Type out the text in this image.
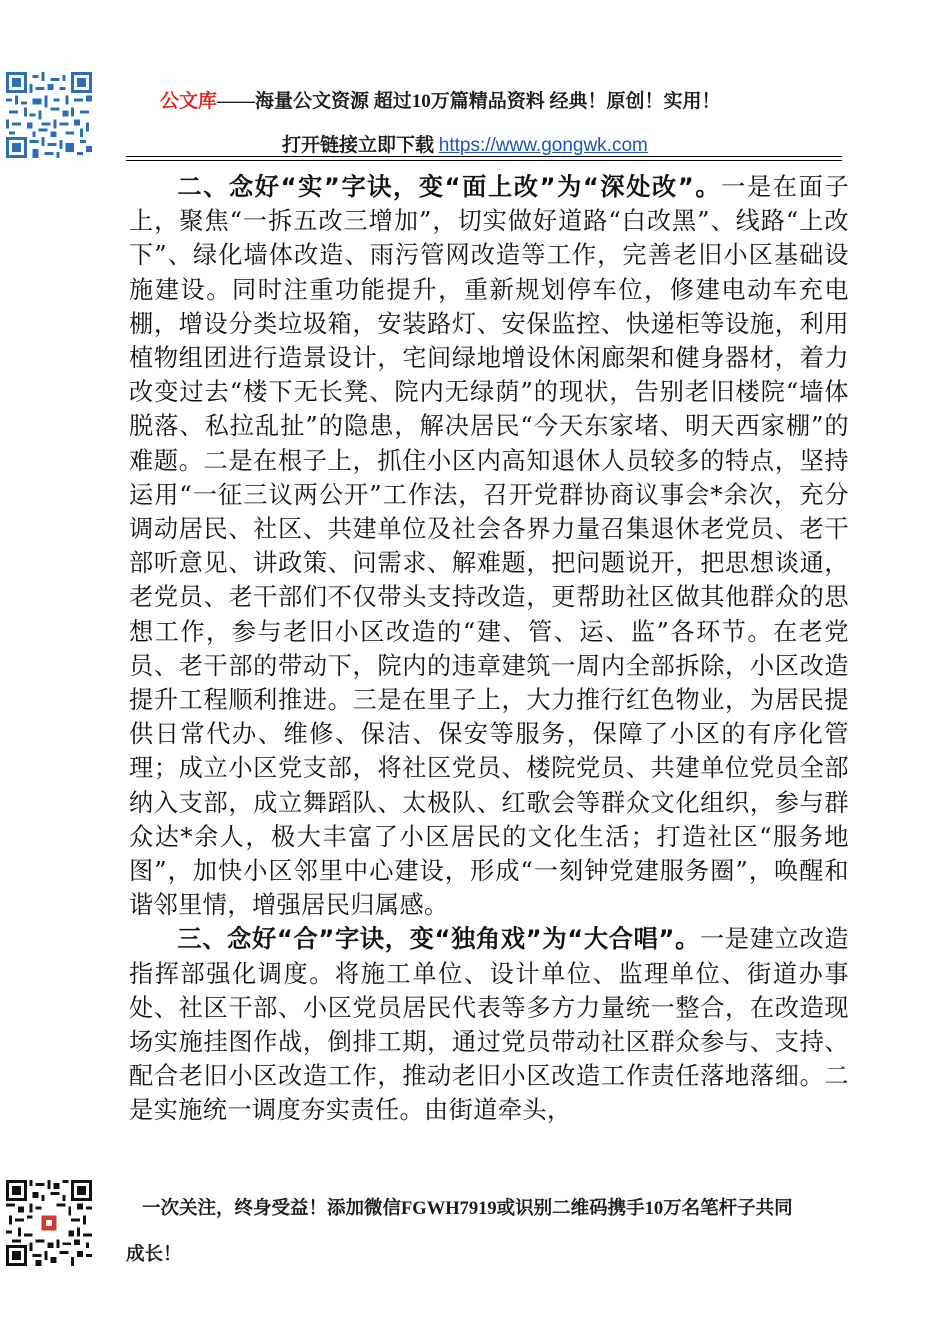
公文库——海量公文资源 超过10万篇精品资料 经典！原创！实用！
打开链接立即下载 https://www.gongwk.com

二、念好“实”字诀，变“面上改”为“深处改”。一是在面子上，聚焦“一拆五改三增加”，切实做好道路“白改黑”、线路“上改下”、绿化墙体改造、雨污管网改造等工作，完善老旧小区基础设施建设。同时注重功能提升，重新规划停车位，修建电动车充电棚，增设分类垃圾箱，安装路灯、安保监控、快递柜等设施，利用植物组团进行造景设计，宅间绿地增设休闲廊架和健身器材，着力改变过去“楼下无长凳、院内无绿荫”的现状，告别老旧楼院“墙体脱落、私拉乱扯”的隐患，解决居民“今天东家堵、明天西家棚”的难题。二是在根子上，抓住小区内高知退休人员较多的特点，坚持运用“一征三议两公开”工作法，召开党群协商议事会*余次，充分调动居民、社区、共建单位及社会各界力量召集退休老党员、老干部听意见、讲政策、问需求、解难题，把问题说开，把思想谈通，老党员、老干部们不仅带头支持改造，更帮助社区做其他群众的思想工作，参与老旧小区改造的“建、管、运、监”各环节。在老党员、老干部的带动下，院内的违章建筑一周内全部拆除，小区改造提升工程顺利推进。三是在里子上，大力推行红色物业，为居民提供日常代办、维修、保洁、保安等服务，保障了小区的有序化管理；成立小区党支部，将社区党员、楼院党员、共建单位党员全部纳入支部，成立舞蹈队、太极队、红歌会等群众文化组织，参与群众达*余人，极大丰富了小区居民的文化生活；打造社区“服务地图”，加快小区邻里中心建设，形成“一刻钟党建服务圈”，唤醒和谐邻里情，增强居民归属感。

三、念好“合”字诀，变“独角戏”为“大合唱”。一是建立改造指挥部强化调度。将施工单位、设计单位、监理单位、街道办事处、社区干部、小区党员居民代表等多方力量统一整合，在改造现场实施挂图作战，倒排工期，通过党员带动社区群众参与、支持、配合老旧小区改造工作，推动老旧小区改造工作责任落地落细。二是实施统一调度夯实责任。由街道牵头，

一次关注，终身受益！添加微信FGWH7919或识别二维码携手10万名笔杆子共同
成长！
